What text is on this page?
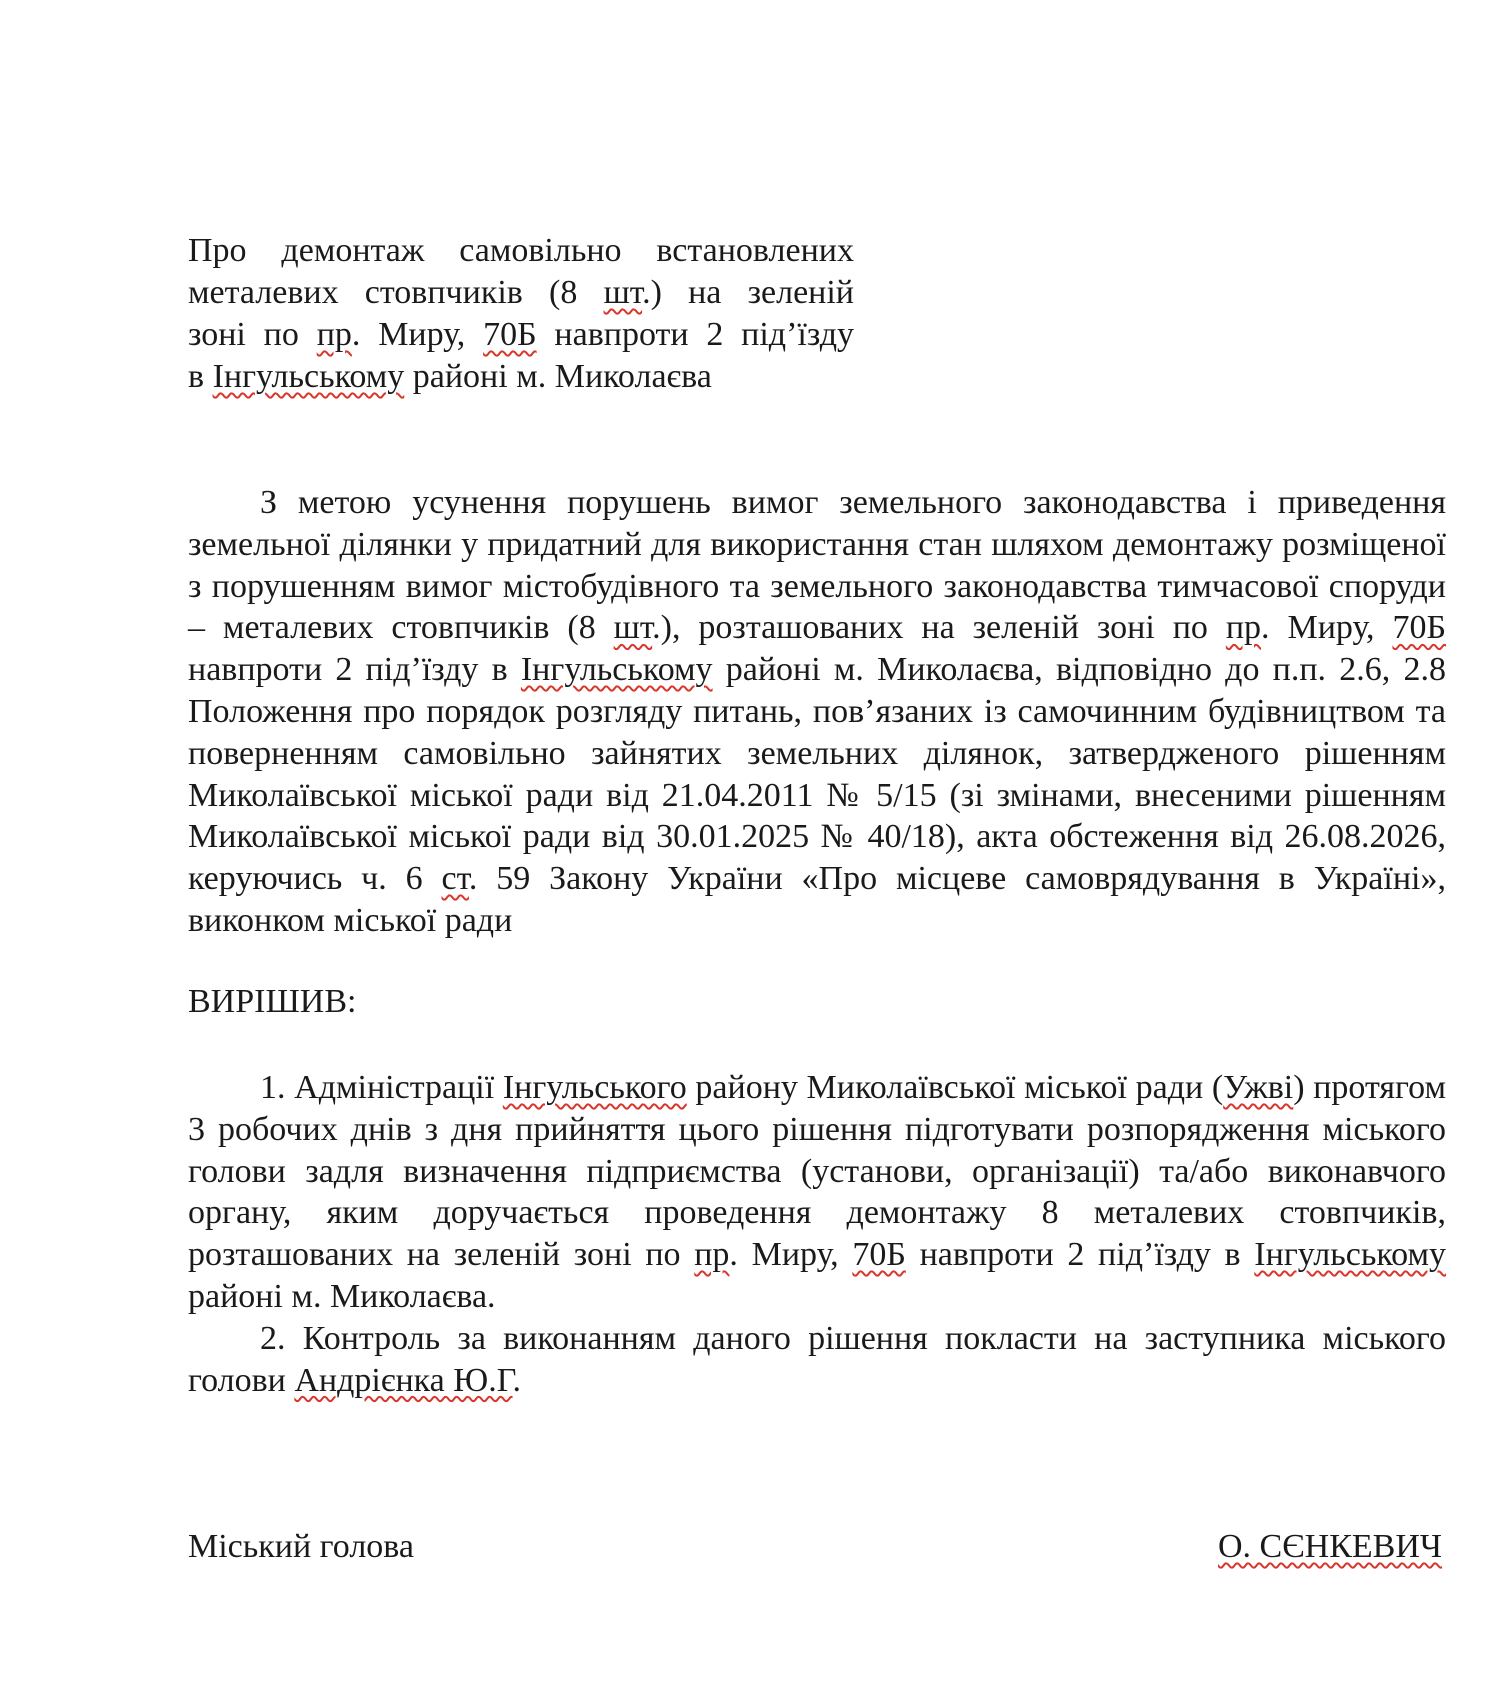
Про демонтаж самовільно встановлених
металевих стовпчиків (8 шт.) на зеленій
зоні по пр. Миру, 70Б навпроти 2 під’їзду
в Інгульському районі м. Миколаєва

З метою усунення порушень вимог земельного законодавства і приведення земельної ділянки у придатний для використання стан шляхом демонтажу розміщеної з порушенням вимог містобудівного та земельного законодавства тимчасової споруди – металевих стовпчиків (8 шт.), розташованих на зеленій зоні по пр. Миру, 70Б навпроти 2 під’їзду в Інгульському районі м. Миколаєва, відповідно до п.п. 2.6, 2.8 Положення про порядок розгляду питань, пов’язаних із самочинним будівництвом та поверненням самовільно зайнятих земельних ділянок, затвердженого рішенням Миколаївської міської ради від 21.04.2011 № 5/15 (зі змінами, внесеними рішенням Миколаївської міської ради від 30.01.2025 № 40/18), акта обстеження від 26.08.2026, керуючись ч. 6 ст. 59 Закону України «Про місцеве самоврядування в Україні», виконком міської ради

ВИРІШИВ:

1. Адміністрації Інгульського району Миколаївської міської ради (Ужві) протягом 3 робочих днів з дня прийняття цього рішення підготувати розпорядження міського голови задля визначення підприємства (установи, організації) та/або виконавчого органу, яким доручається проведення демонтажу 8 металевих стовпчиків, розташованих на зеленій зоні по пр. Миру, 70Б навпроти 2 під’їзду в Інгульському районі м. Миколаєва.

2. Контроль за виконанням даного рішення покласти на заступника міського голови Андрієнка Ю.Г.

Міський голова	О. СЄНКЕВИЧ
